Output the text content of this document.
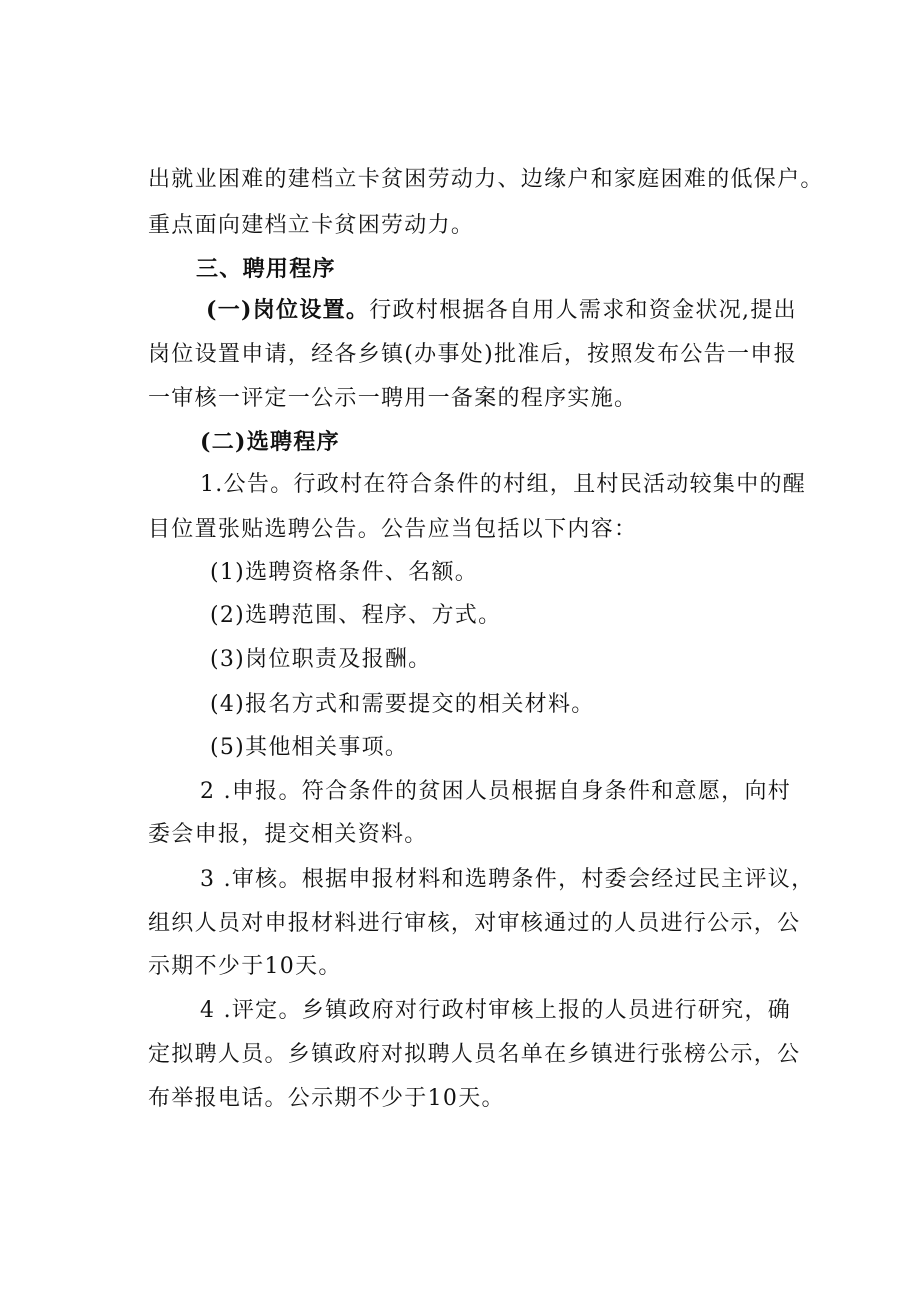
出就业困难的建档立卡贫困劳动力、边缘户和家庭困难的低保户。
重点面向建档立卡贫困劳动力。
三、聘用程序
(一)岗位设置。行政村根据各自用人需求和资金状况,提出
岗位设置申请，经各乡镇(办事处)批准后，按照发布公告一申报
一审核一评定一公示一聘用一备案的程序实施。
(二)选聘程序
1.公告。行政村在符合条件的村组，且村民活动较集中的醒
目位置张贴选聘公告。公告应当包括以下内容：
(1)选聘资格条件、名额。
(2)选聘范围、程序、方式。
(3)岗位职责及报酬。
(4)报名方式和需要提交的相关材料。
(5)其他相关事项。
2 .申报。符合条件的贫困人员根据自身条件和意愿，向村
委会申报，提交相关资料。
3 .审核。根据申报材料和选聘条件，村委会经过民主评议，
组织人员对申报材料进行审核，对审核通过的人员进行公示，公
示期不少于10天。
4 .评定。乡镇政府对行政村审核上报的人员进行研究，确
定拟聘人员。乡镇政府对拟聘人员名单在乡镇进行张榜公示，公
布举报电话。公示期不少于10天。
